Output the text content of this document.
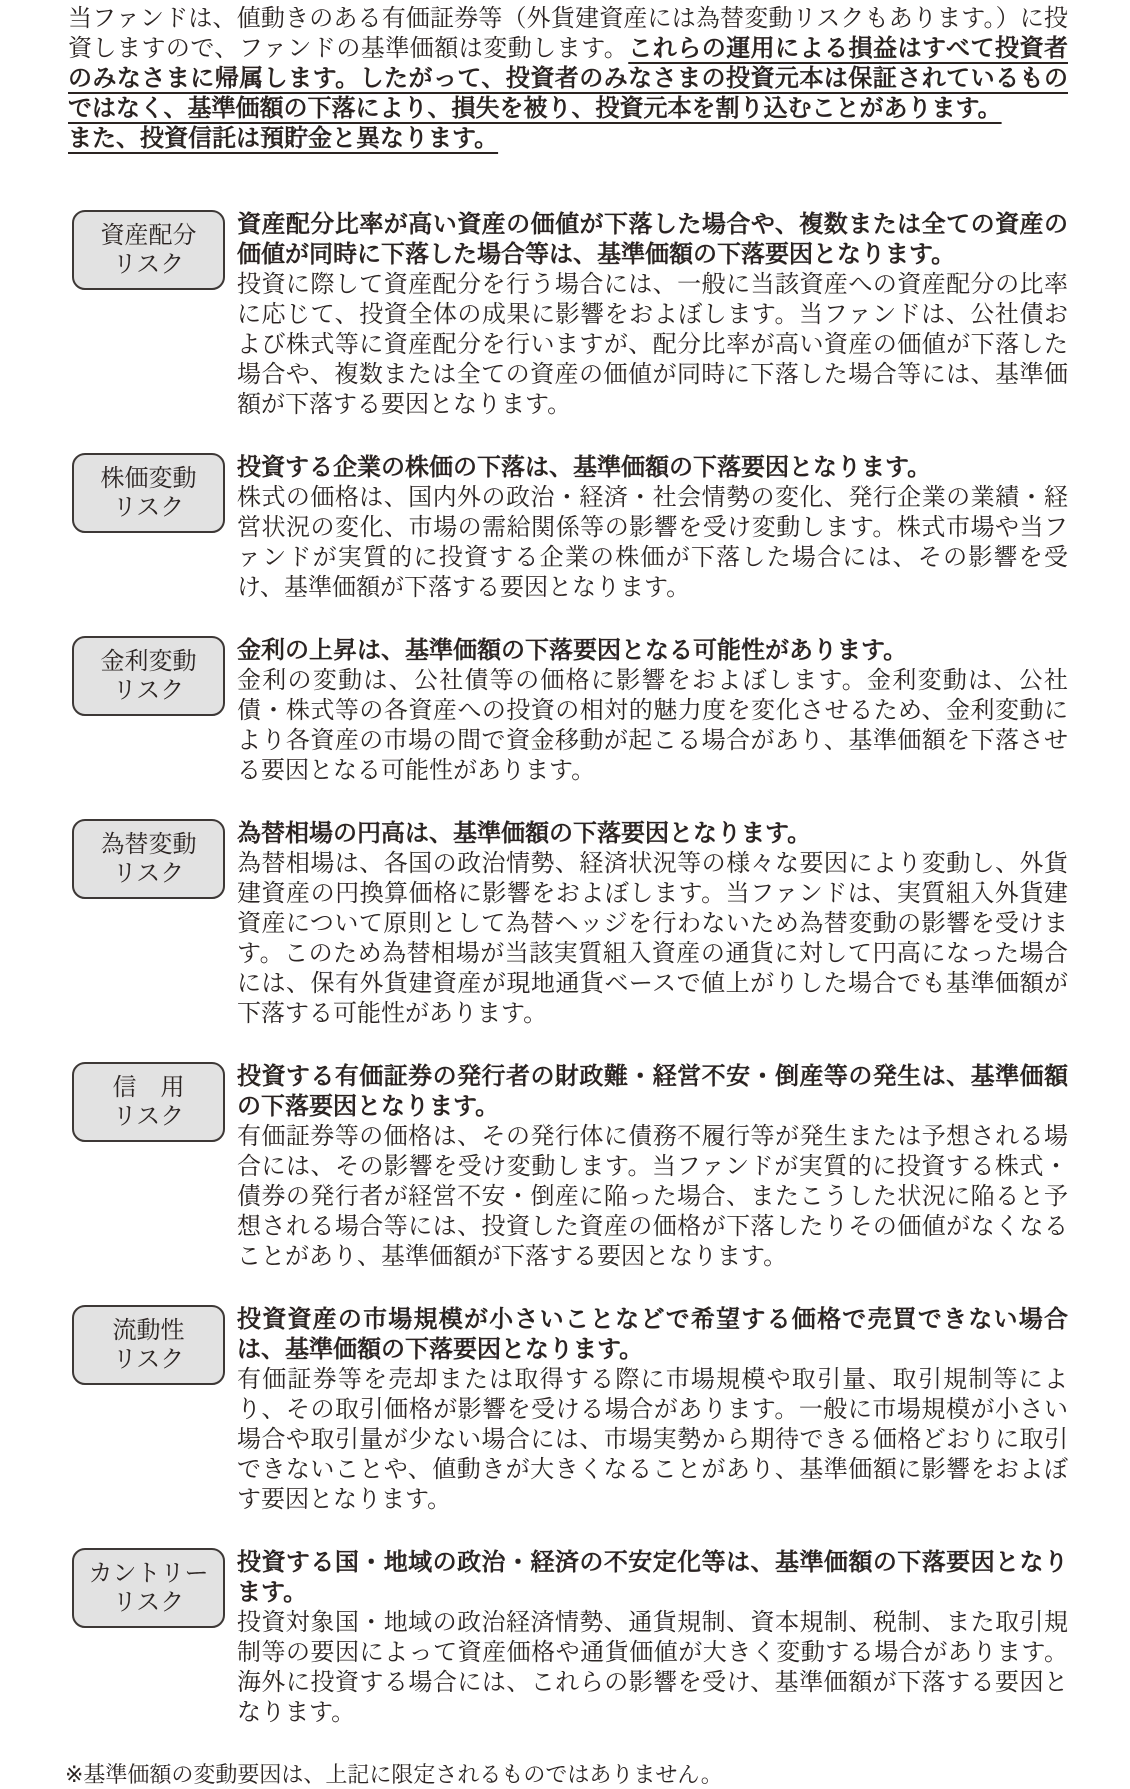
当ファンドは、値動きのある有価証券等（外貨建資産には為替変動リスクもあります。）に投資しますので、ファンドの基準価額は変動します。これらの運用による損益はすべて投資者のみなさまに帰属します。したがって、投資者のみなさまの投資元本は保証されているものではなく、基準価額の下落により、損失を被り、投資元本を割り込むことがあります。

また、投資信託は預貯金と異なります。

資産配分
リスク

資産配分比率が高い資産の価値が下落した場合や、複数または全ての資産の価値が同時に下落した場合等は、基準価額の下落要因となります。

投資に際して資産配分を行う場合には、一般に当該資産への資産配分の比率に応じて、投資全体の成果に影響をおよぼします。当ファンドは、公社債および株式等に資産配分を行いますが、配分比率が高い資産の価値が下落した場合や、複数または全ての資産の価値が同時に下落した場合等には、基準価額が下落する要因となります。

株価変動
リスク

投資する企業の株価の下落は、基準価額の下落要因となります。

株式の価格は、国内外の政治・経済・社会情勢の変化、発行企業の業績・経営状況の変化、市場の需給関係等の影響を受け変動します。株式市場や当ファンドが実質的に投資する企業の株価が下落した場合には、その影響を受け、基準価額が下落する要因となります。

金利変動
リスク

金利の上昇は、基準価額の下落要因となる可能性があります。

金利の変動は、公社債等の価格に影響をおよぼします。金利変動は、公社債・株式等の各資産への投資の相対的魅力度を変化させるため、金利変動により各資産の市場の間で資金移動が起こる場合があり、基準価額を下落させる要因となる可能性があります。

為替変動
リスク

為替相場の円高は、基準価額の下落要因となります。

為替相場は、各国の政治情勢、経済状況等の様々な要因により変動し、外貨建資産の円換算価格に影響をおよぼします。当ファンドは、実質組入外貨建資産について原則として為替ヘッジを行わないため為替変動の影響を受けます。このため為替相場が当該実質組入資産の通貨に対して円高になった場合には、保有外貨建資産が現地通貨ベースで値上がりした場合でも基準価額が下落する可能性があります。

信　用
リスク

投資する有価証券の発行者の財政難・経営不安・倒産等の発生は、基準価額の下落要因となります。

有価証券等の価格は、その発行体に債務不履行等が発生または予想される場合には、その影響を受け変動します。当ファンドが実質的に投資する株式・債券の発行者が経営不安・倒産に陥った場合、またこうした状況に陥ると予想される場合等には、投資した資産の価格が下落したりその価値がなくなることがあり、基準価額が下落する要因となります。

流動性
リスク

投資資産の市場規模が小さいことなどで希望する価格で売買できない場合は、基準価額の下落要因となります。

有価証券等を売却または取得する際に市場規模や取引量、取引規制等により、その取引価格が影響を受ける場合があります。一般に市場規模が小さい場合や取引量が少ない場合には、市場実勢から期待できる価格どおりに取引できないことや、値動きが大きくなることがあり、基準価額に影響をおよぼす要因となります。

カントリー
リスク

投資する国・地域の政治・経済の不安定化等は、基準価額の下落要因となります。

投資対象国・地域の政治経済情勢、通貨規制、資本規制、税制、また取引規制等の要因によって資産価格や通貨価値が大きく変動する場合があります。海外に投資する場合には、これらの影響を受け、基準価額が下落する要因となります。

※基準価額の変動要因は、上記に限定されるものではありません。
